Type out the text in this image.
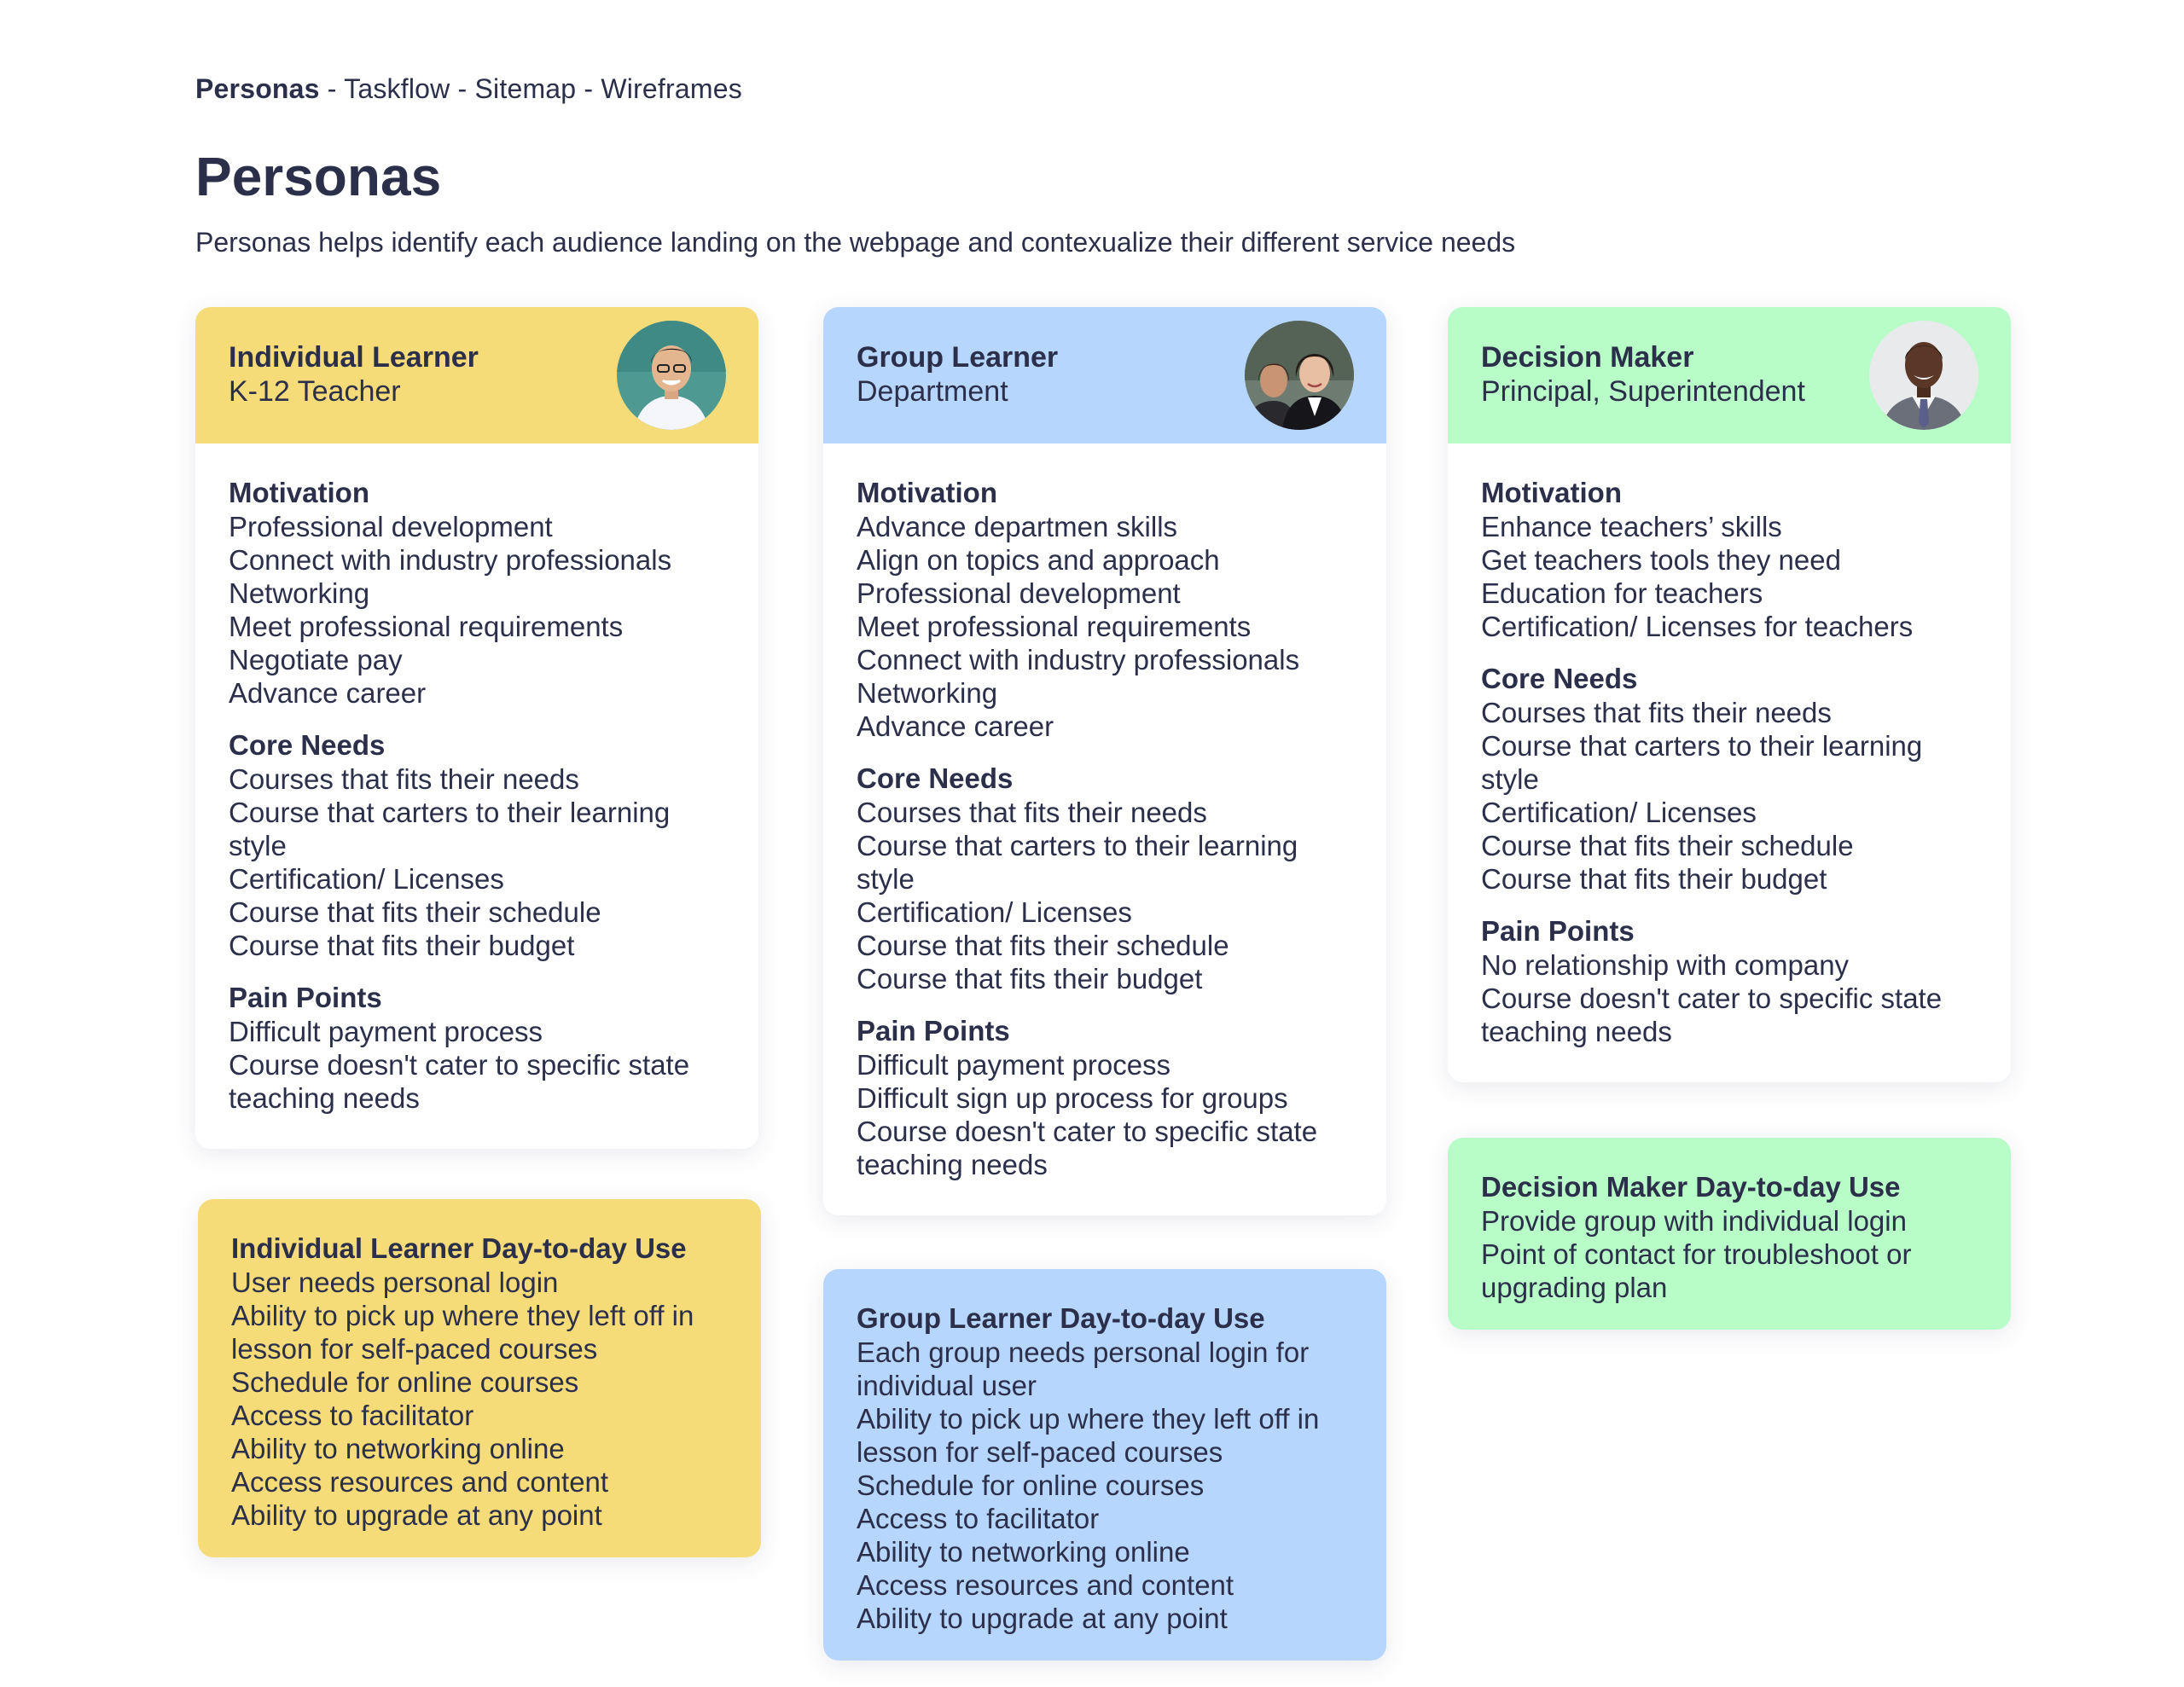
Personas - Taskflow - Sitemap - Wireframes
Personas

Personas helps identify each audience landing on the webpage and contexualize their different service needs

Individual Learner
K-12 Teacher
Motivation
Professional development
Connect with industry professionals
Networking
Meet professional requirements
Negotiate pay
Advance career
Core Needs
Courses that fits their needs
Course that carters to their learning
style
Certification/ Licenses
Course that fits their schedule
Course that fits their budget
Pain Points
Difficult payment process
Course doesn't cater to specific state
teaching needs
Individual Learner Day-to-day Use
User needs personal login
Ability to pick up where they left off in
lesson for self-paced courses
Schedule for online courses
Access to facilitator
Ability to networking online
Access resources and content
Ability to upgrade at any point
Group Learner
Department
Motivation
Advance departmen skills
Align on topics and approach
Professional development
Meet professional requirements
Connect with industry professionals
Networking
Advance career
Core Needs
Courses that fits their needs
Course that carters to their learning
style
Certification/ Licenses
Course that fits their schedule
Course that fits their budget
Pain Points
Difficult payment process
Difficult sign up process for groups
Course doesn't cater to specific state
teaching needs
Group Learner Day-to-day Use
Each group needs personal login for
individual user
Ability to pick up where they left off in
lesson for self-paced courses
Schedule for online courses
Access to facilitator
Ability to networking online
Access resources and content
Ability to upgrade at any point
Decision Maker
Principal, Superintendent
Motivation
Enhance teachers’ skills
Get teachers tools they need
Education for teachers
Certification/ Licenses for teachers
Core Needs
Courses that fits their needs
Course that carters to their learning
style
Certification/ Licenses
Course that fits their schedule
Course that fits their budget
Pain Points
No relationship with company
Course doesn't cater to specific state
teaching needs
Decision Maker Day-to-day Use
Provide group with individual login
Point of contact for troubleshoot or
upgrading plan
